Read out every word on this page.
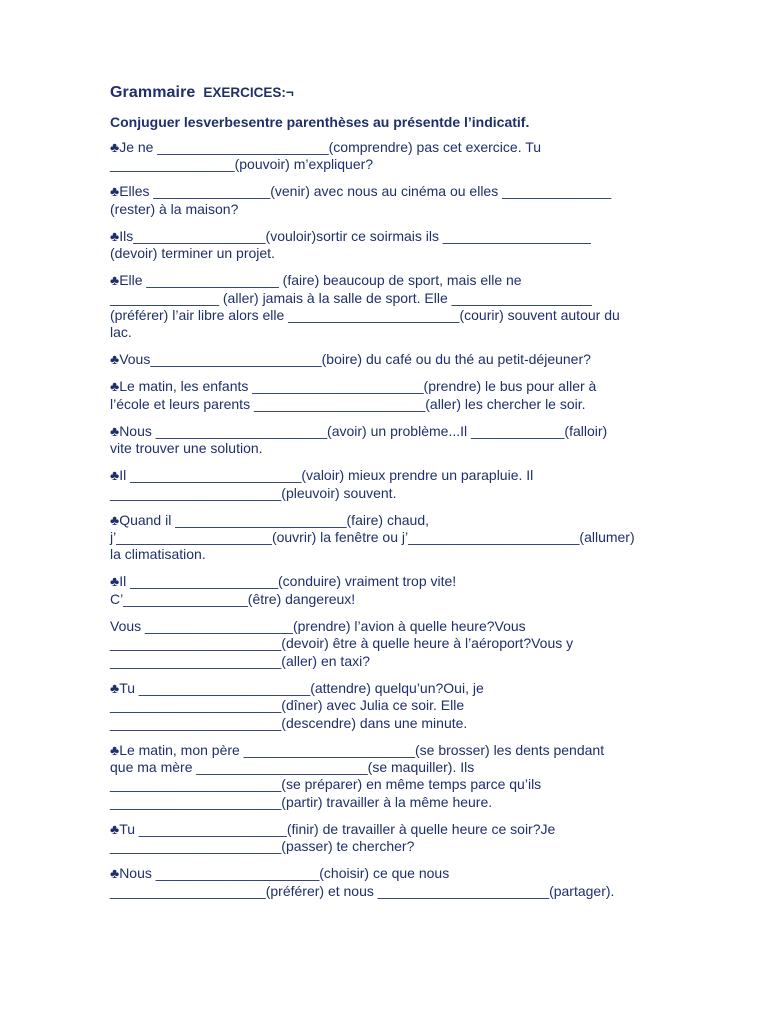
Grammaire EXERCICES:¬
Conjuguer lesverbesentre parenthèses au présentde l’indicatif.
♣Je ne ______________________(comprendre) pas cet exercice. Tu
________________(pouvoir) m’expliquer?
♣Elles _______________(venir) avec nous au cinéma ou elles ______________
(rester) à la maison?
♣Ils_________________(vouloir)sortir ce soirmais ils ___________________
(devoir) terminer un projet.
♣Elle _________________ (faire) beaucoup de sport, mais elle ne
______________ (aller) jamais à la salle de sport. Elle __________________
(préférer) l’air libre alors elle ______________________(courir) souvent autour du
lac.
♣Vous______________________(boire) du café ou du thé au petit-déjeuner?
♣Le matin, les enfants ______________________(prendre) le bus pour aller à
l’école et leurs parents ______________________(aller) les chercher le soir.
♣Nous ______________________(avoir) un problème...Il ____________(falloir)
vite trouver une solution.
♣Il ______________________(valoir) mieux prendre un parapluie. Il
______________________(pleuvoir) souvent.
♣Quand il ______________________(faire) chaud,
j’____________________(ouvrir) la fenêtre ou j’______________________(allumer)
la climatisation.
♣Il ___________________(conduire) vraiment trop vite!
C’________________(être) dangereux!
Vous ___________________(prendre) l’avion à quelle heure?Vous
______________________(devoir) être à quelle heure à l’aéroport?Vous y
______________________(aller) en taxi?
♣Tu ______________________(attendre) quelqu’un?Oui, je
______________________(dîner) avec Julia ce soir. Elle
______________________(descendre) dans une minute.
♣Le matin, mon père ______________________(se brosser) les dents pendant
que ma mère ______________________(se maquiller). Ils
______________________(se préparer) en même temps parce qu’ils
______________________(partir) travailler à la même heure.
♣Tu ___________________(finir) de travailler à quelle heure ce soir?Je
______________________(passer) te chercher?
♣Nous _____________________(choisir) ce que nous
____________________(préférer) et nous ______________________(partager).
